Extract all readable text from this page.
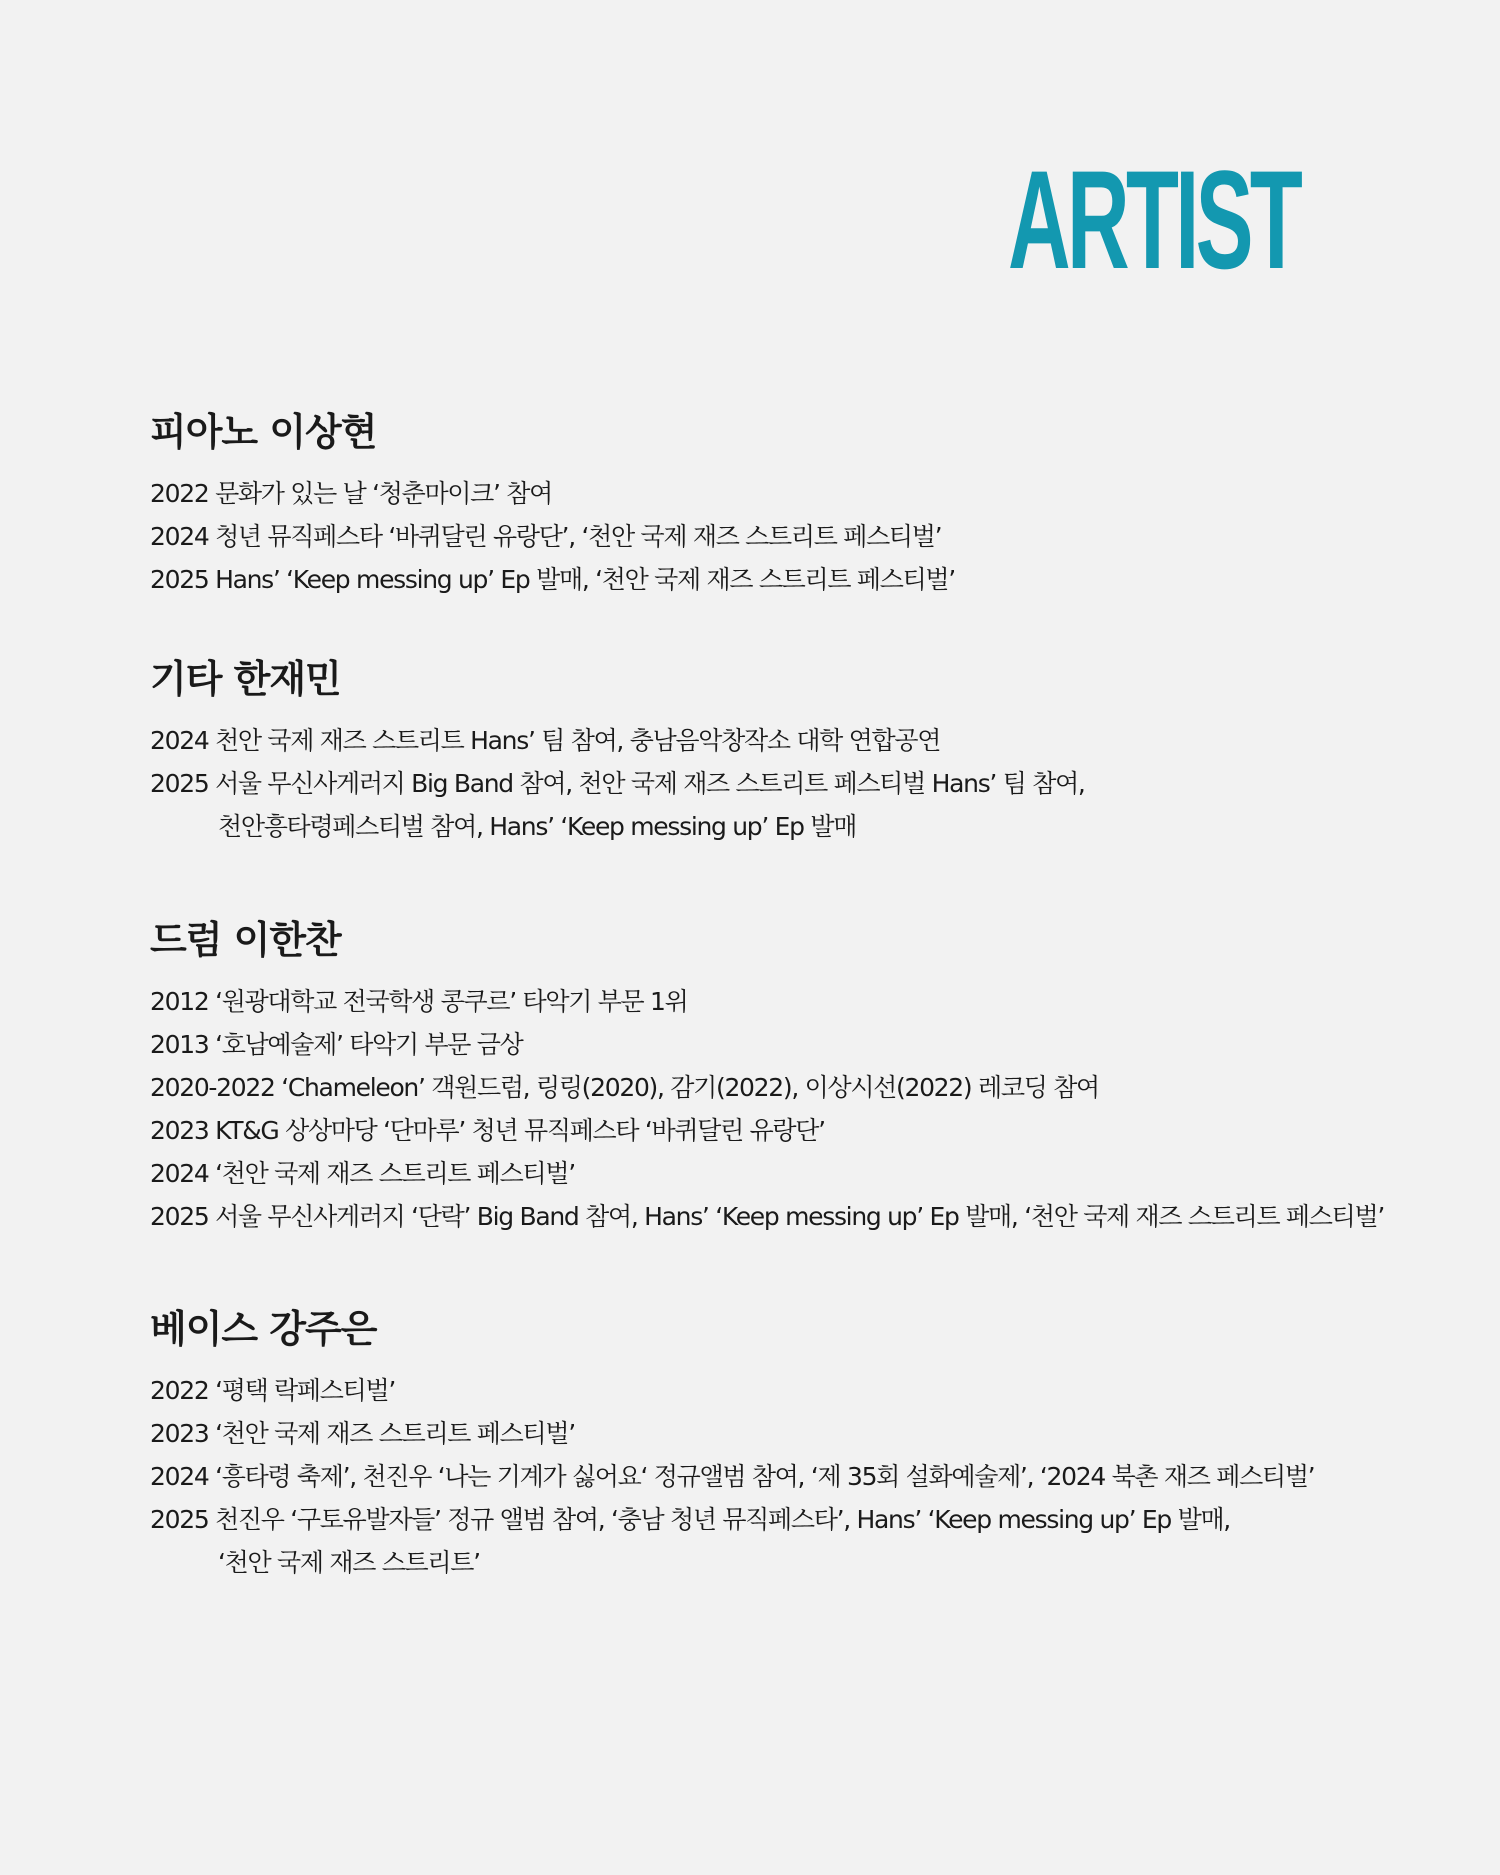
ARTIST
피아노 이상현
2022 문화가 있는 날 ‘청춘마이크’ 참여
2024 청년 뮤직페스타 ‘바퀴달린 유랑단’, ‘천안 국제 재즈 스트리트 페스티벌’
2025 Hans’ ‘Keep messing up’ Ep 발매, ‘천안 국제 재즈 스트리트 페스티벌’
기타 한재민
2024 천안 국제 재즈 스트리트 Hans’ 팀 참여, 충남음악창작소 대학 연합공연
2025 서울 무신사게러지 Big Band 참여, 천안 국제 재즈 스트리트 페스티벌 Hans’ 팀 참여,
천안흥타령페스티벌 참여, Hans’ ‘Keep messing up’ Ep 발매
드럼 이한찬
2012 ‘원광대학교 전국학생 콩쿠르’ 타악기 부문 1위
2013 ‘호남예술제’ 타악기 부문 금상
2020-2022 ‘Chameleon’ 객원드럼, 링링(2020), 감기(2022), 이상시선(2022) 레코딩 참여
2023 KT&G 상상마당 ‘단마루’ 청년 뮤직페스타 ‘바퀴달린 유랑단’
2024 ‘천안 국제 재즈 스트리트 페스티벌’
2025 서울 무신사게러지 ‘단락’ Big Band 참여, Hans’ ‘Keep messing up’ Ep 발매, ‘천안 국제 재즈 스트리트 페스티벌’
베이스 강주은
2022 ‘평택 락페스티벌’
2023 ‘천안 국제 재즈 스트리트 페스티벌’
2024 ‘흥타령 축제’, 천진우 ‘나는 기계가 싫어요‘ 정규앨범 참여, ‘제 35회 설화예술제’, ‘2024 북촌 재즈 페스티벌’
2025 천진우 ‘구토유발자들’ 정규 앨범 참여, ‘충남 청년 뮤직페스타’, Hans’ ‘Keep messing up’ Ep 발매,
‘천안 국제 재즈 스트리트’
